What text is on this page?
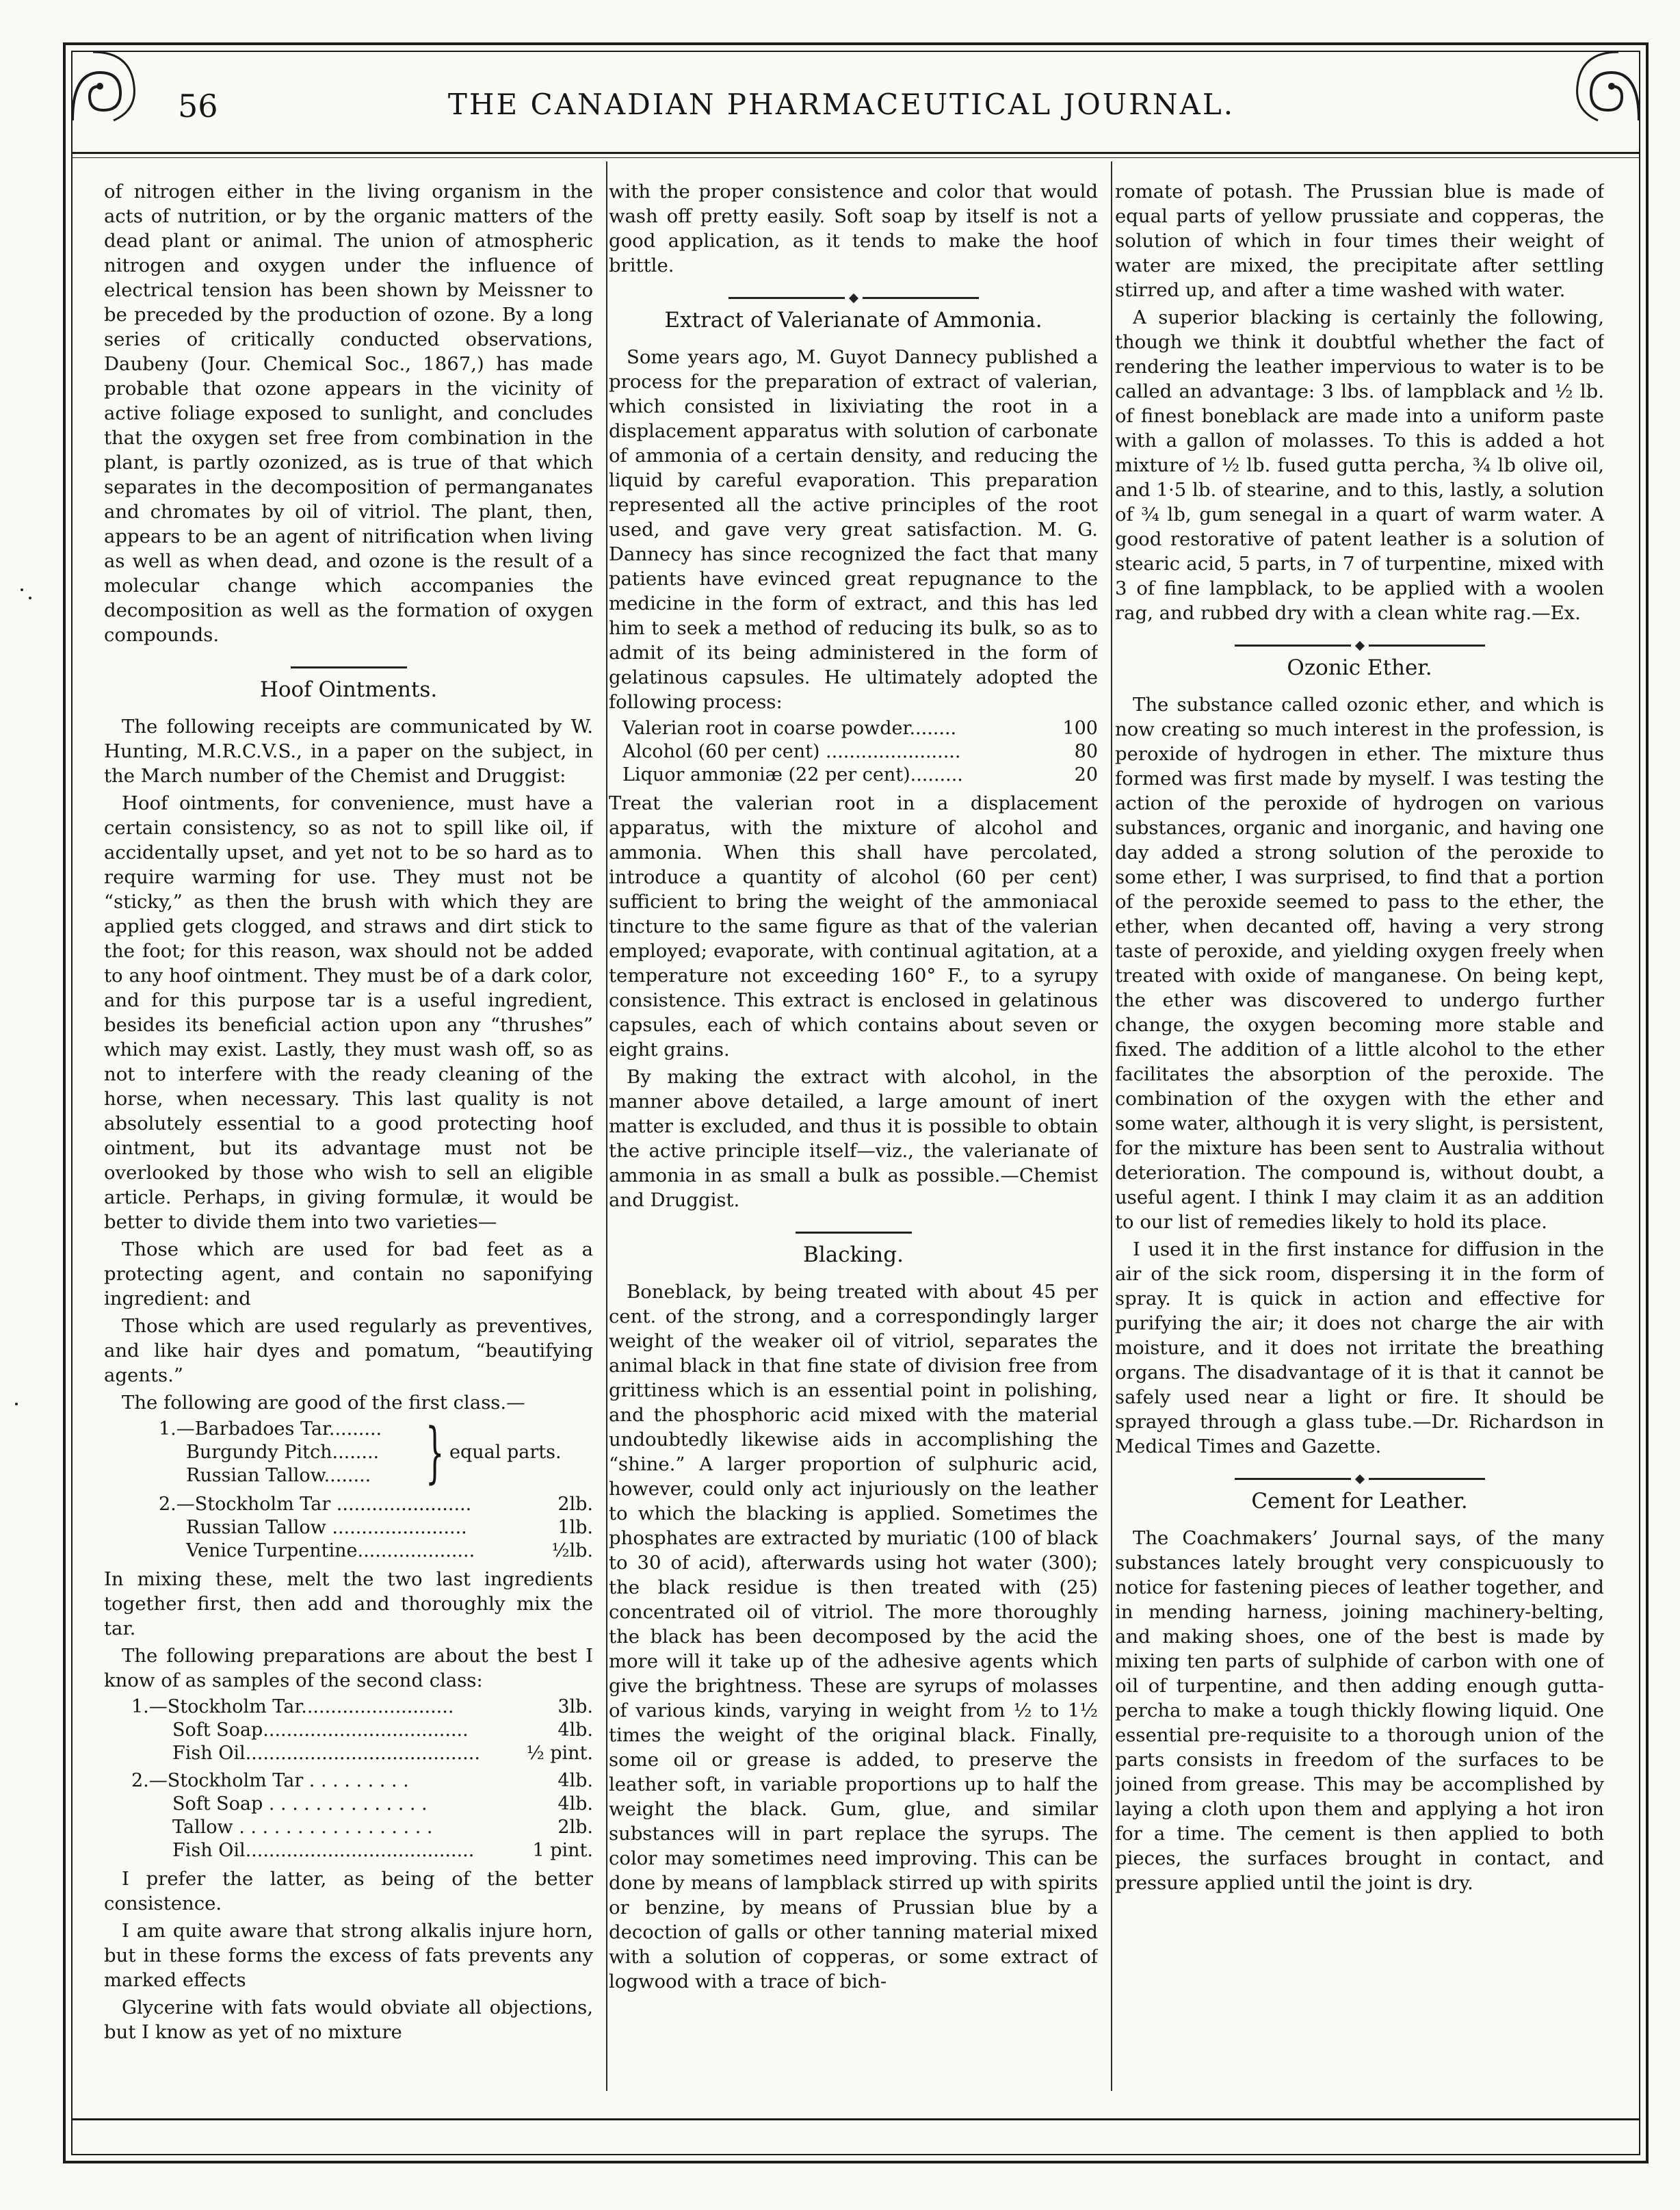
56	THE CANADIAN PHARMACEUTICAL JOURNAL.

of nitrogen either in the living organism in the acts of nutrition, or by the organic matters of the dead plant or animal. The union of atmospheric nitrogen and oxygen under the influence of electrical tension has been shown by Meissner to be preceded by the production of ozone. By a long series of critically conducted observations, Daubeny (Jour. Chemical Soc., 1867,) has made probable that ozone appears in the vicinity of active foliage exposed to sunlight, and concludes that the oxygen set free from combination in the plant, is partly ozonized, as is true of that which separates in the decomposition of permanganates and chromates by oil of vitriol. The plant, then, appears to be an agent of nitrification when living as well as when dead, and ozone is the result of a molecular change which accompanies the decomposition as well as the formation of oxygen compounds.

Hoof Ointments.

The following receipts are communicated by W. Hunting, M.R.C.V.S., in a paper on the subject, in the March number of the Chemist and Druggist:

Hoof ointments, for convenience, must have a certain consistency, so as not to spill like oil, if accidentally upset, and yet not to be so hard as to require warming for use. They must not be “sticky,” as then the brush with which they are applied gets clogged, and straws and dirt stick to the foot; for this reason, wax should not be added to any hoof ointment. They must be of a dark color, and for this purpose tar is a useful ingredient, besides its beneficial action upon any “thrushes” which may exist. Lastly, they must wash off, so as not to interfere with the ready cleaning of the horse, when necessary. This last quality is not absolutely essential to a good protecting hoof ointment, but its advantage must not be overlooked by those who wish to sell an eligible article. Perhaps, in giving formulæ, it would be better to divide them into two varieties—

Those which are used for bad feet as a protecting agent, and contain no saponifying ingredient: and

Those which are used regularly as preventives, and like hair dyes and pomatum, “beautifying agents.”

The following are good of the first class.—

1.—Barbadoes Tar.........
Burgundy Pitch........
Russian Tallow........ } equal parts.
2.—Stockholm Tar .......................	2lb.
Russian Tallow .......................	1lb.
Venice Turpentine....................	½lb.

In mixing these, melt the two last ingredients together first, then add and thoroughly mix the tar.

The following preparations are about the best I know of as samples of the second class:

1.—Stockholm Tar..........................	3lb.
Soft Soap...................................	4lb.
Fish Oil........................................	½ pint.
2.—Stockholm Tar . . . . . . . . .	4lb.
Soft Soap . . . . . . . . . . . . . .	4lb.
Tallow . . . . . . . . . . . . . . . . .	2lb.
Fish Oil.......................................	1 pint.

I prefer the latter, as being of the better consistence.

I am quite aware that strong alkalis injure horn, but in these forms the excess of fats prevents any marked effects

Glycerine with fats would obviate all objections, but I know as yet of no mixture

with the proper consistence and color that would wash off pretty easily. Soft soap by itself is not a good application, as it tends to make the hoof brittle.

Extract of Valerianate of Ammonia.

Some years ago, M. Guyot Dannecy published a process for the preparation of extract of valerian, which consisted in lixiviating the root in a displacement apparatus with solution of carbonate of ammonia of a certain density, and reducing the liquid by careful evaporation. This preparation represented all the active principles of the root used, and gave very great satisfaction. M. G. Dannecy has since recognized the fact that many patients have evinced great repugnance to the medicine in the form of extract, and this has led him to seek a method of reducing its bulk, so as to admit of its being administered in the form of gelatinous capsules. He ultimately adopted the following process:

Valerian root in coarse powder........	100
Alcohol (60 per cent) .......................	80
Liquor ammoniæ (22 per cent).........	20

Treat the valerian root in a displacement apparatus, with the mixture of alcohol and ammonia. When this shall have percolated, introduce a quantity of alcohol (60 per cent) sufficient to bring the weight of the ammoniacal tincture to the same figure as that of the valerian employed; evaporate, with continual agitation, at a temperature not exceeding 160° F., to a syrupy consistence. This extract is enclosed in gelatinous capsules, each of which contains about seven or eight grains.

By making the extract with alcohol, in the manner above detailed, a large amount of inert matter is excluded, and thus it is possible to obtain the active principle itself—viz., the valerianate of ammonia in as small a bulk as possible.—Chemist and Druggist.

Blacking.

Boneblack, by being treated with about 45 per cent. of the strong, and a correspondingly larger weight of the weaker oil of vitriol, separates the animal black in that fine state of division free from grittiness which is an essential point in polishing, and the phosphoric acid mixed with the material undoubtedly likewise aids in accomplishing the “shine.” A larger proportion of sulphuric acid, however, could only act injuriously on the leather to which the blacking is applied. Sometimes the phosphates are extracted by muriatic (100 of black to 30 of acid), afterwards using hot water (300); the black residue is then treated with (25) concentrated oil of vitriol. The more thoroughly the black has been decomposed by the acid the more will it take up of the adhesive agents which give the brightness. These are syrups of molasses of various kinds, varying in weight from ½ to 1½ times the weight of the original black. Finally, some oil or grease is added, to preserve the leather soft, in variable proportions up to half the weight the black. Gum, glue, and similar substances will in part replace the syrups. The color may sometimes need improving. This can be done by means of lampblack stirred up with spirits or benzine, by means of Prussian blue by a decoction of galls or other tanning material mixed with a solution of copperas, or some extract of logwood with a trace of bich-

romate of potash. The Prussian blue is made of equal parts of yellow prussiate and copperas, the solution of which in four times their weight of water are mixed, the precipitate after settling stirred up, and after a time washed with water.

A superior blacking is certainly the following, though we think it doubtful whether the fact of rendering the leather impervious to water is to be called an advantage: 3 lbs. of lampblack and ½ lb. of finest boneblack are made into a uniform paste with a gallon of molasses. To this is added a hot mixture of ½ lb. fused gutta percha, ¾ lb olive oil, and 1·5 lb. of stearine, and to this, lastly, a solution of ¾ lb, gum senegal in a quart of warm water. A good restorative of patent leather is a solution of stearic acid, 5 parts, in 7 of turpentine, mixed with 3 of fine lampblack, to be applied with a woolen rag, and rubbed dry with a clean white rag.—Ex.

Ozonic Ether.

The substance called ozonic ether, and which is now creating so much interest in the profession, is peroxide of hydrogen in ether. The mixture thus formed was first made by myself. I was testing the action of the peroxide of hydrogen on various substances, organic and inorganic, and having one day added a strong solution of the peroxide to some ether, I was surprised, to find that a portion of the peroxide seemed to pass to the ether, the ether, when decanted off, having a very strong taste of peroxide, and yielding oxygen freely when treated with oxide of manganese. On being kept, the ether was discovered to undergo further change, the oxygen becoming more stable and fixed. The addition of a little alcohol to the ether facilitates the absorption of the peroxide. The combination of the oxygen with the ether and some water, although it is very slight, is persistent, for the mixture has been sent to Australia without deterioration. The compound is, without doubt, a useful agent. I think I may claim it as an addition to our list of remedies likely to hold its place.

I used it in the first instance for diffusion in the air of the sick room, dispersing it in the form of spray. It is quick in action and effective for purifying the air; it does not charge the air with moisture, and it does not irritate the breathing organs. The disadvantage of it is that it cannot be safely used near a light or fire. It should be sprayed through a glass tube.—Dr. Richardson in Medical Times and Gazette.

Cement for Leather.

The Coachmakers’ Journal says, of the many substances lately brought very conspicuously to notice for fastening pieces of leather together, and in mending harness, joining machinery-belting, and making shoes, one of the best is made by mixing ten parts of sulphide of carbon with one of oil of turpentine, and then adding enough gutta-percha to make a tough thickly flowing liquid. One essential pre-requisite to a thorough union of the parts consists in freedom of the surfaces to be joined from grease. This may be accomplished by laying a cloth upon them and applying a hot iron for a time. The cement is then applied to both pieces, the surfaces brought in contact, and pressure applied until the joint is dry.
